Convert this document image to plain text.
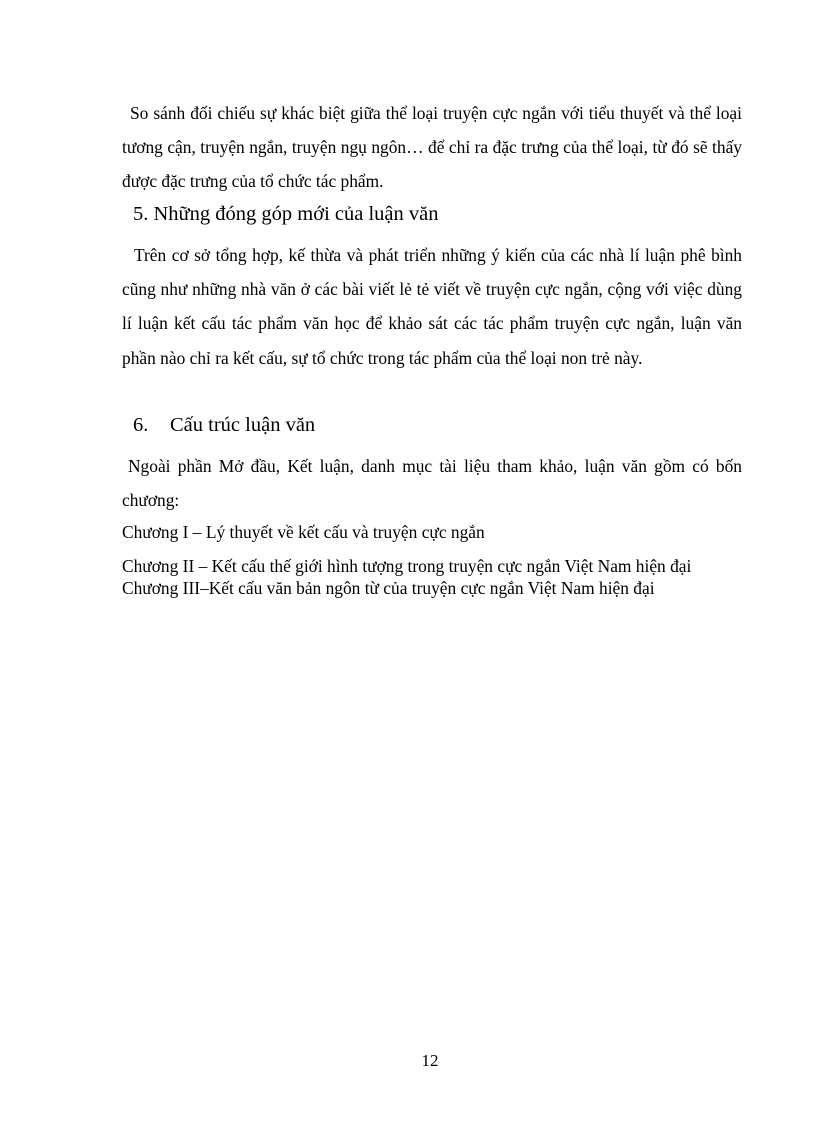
So sánh đối chiếu sự khác biệt giữa thể loại truyện cực ngắn với tiểu thuyết và thể loại tương cận, truyện ngắn, truyện ngụ ngôn… để chỉ ra đặc trưng của thể loại, từ đó sẽ thấy được đặc trưng của tổ chức tác phẩm.

5. Những đóng góp mới của luận văn

Trên cơ sở tổng hợp, kế thừa và phát triển những ý kiến của các nhà lí luận phê bình cũng như những nhà văn ở các bài viết lẻ tẻ viết về truyện cực ngắn, cộng với việc dùng lí luận kết cấu tác phẩm văn học để khảo sát các tác phẩm truyện cực ngắn, luận văn phần nào chỉ ra kết cấu, sự tổ chức trong tác phẩm của thể loại non trẻ này.

6. Cấu trúc luận văn

Ngoài phần Mở đầu, Kết luận, danh mục tài liệu tham khảo, luận văn gồm có bốn chương:

Chương I – Lý thuyết về kết cấu và truyện cực ngắn

Chương II – Kết cấu thế giới hình tượng trong truyện cực ngắn Việt Nam hiện đại

Chương III–Kết cấu văn bản ngôn từ của truyện cực ngắn Việt Nam hiện đại

12
